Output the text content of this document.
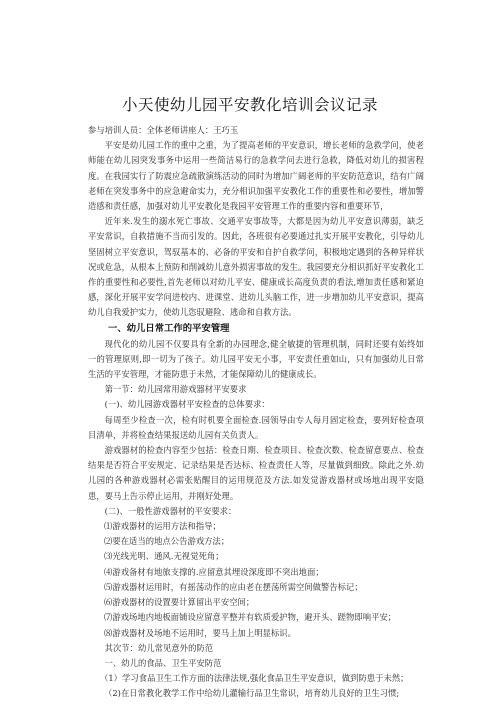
小天使幼儿园平安教化培训会议记录

参与培训人员：全体老师讲座人：王巧玉

平安是幼儿园工作的重中之重，为了提高老师的平安意识，增长老师的急救学问，使老师能在幼儿园突发事务中运用一些简洁易行的急救学问去进行急救，降低对幼儿的损害程度。在我园实行了防震应急疏散演练活动的同时为增加广阔老师的平安防范意识，结有广阔老师在突发事务中的应急避命实力，充分相识加强平安教化工作的重要性和必要性，增加警造感和责任感，加强对幼儿平安教化是我园平安管理工作的重要内容和重要环节，

近年来.发生的溺水死亡事故、交通平安事故等，大都是因为幼儿平安意识薄弱，缺乏平安常识，自救措施不当而引发的。因此，各班很有必要通过扎实开展平安教化，引导幼儿坚固树立平安意识，驾驭基本的、必备的平安和自护自救学问，积极地定遇到的各种异样状况或危急，从根本上预防和削减幼儿意外损害事故的发生。我园要充分相识抓好平安教化工作的重要性和必要性,首先老师以对幼儿平安、健康成长高度负责的看法,增加责任感和紧迫感，深化开展平安学问进校内、进课堂、进幼儿头脑工作，进一步增加幼儿平安意识，提高幼儿自我爱护实力，使幼儿恣驭避险、逃命和自救方法。

一、幼儿日常工作的平安管理

现代化的幼儿园不仅要具有全新的办园理念,健全敏捷的管理机制，同时还要有始终如一的管理原则,即一切为了孩子。幼儿园平安无小事，平安责任重如山，只有加强幼儿日常生活的平安管理，才能防患于未然，才能保障幼儿的健康成长。

第一节：幼儿园常用游戏器材平安要求

(一)、幼儿园游戏器材平安检查的总体要求：

每周至少检查一次，检有时机要全面检查.园领导由专人每月固定检查，要列好检查项目清单，并将检查结果报送幼儿园有关负责人。

游戏器材的检查内容至少包括：检查日期、检查项目、检查次数、检查留意要点、检查结果是否符合平安规定、记录结果是否达标、检查责任人等，尽量做到细致。除此之外.幼儿园的各种游戏器材必需张贴醒目的运用规范及方法.如发觉游戏器材或场地出现平安隐患，要马上告示停止运用，并刚好处理。

(二)、一般性游戏器材的平安要求：

⑴游戏器材的运用方法和指导；

⑵要在适当的地点公告游戏方法；

⑶光线光明、通风.无视觉死角；

⑷游戏备材有地旅支撑的.应留意其埋设深度即不突出地面；

⑸游戏器材运用时，有摇荡动作的应由老在摆荡所需空间做警告标记；

⑹游戏器材的设置要计算留出平安空间；

⑺游戏场地内地板面铺设应留意平整并有软质爱护物，避开头、蹉物即响平安；

⑻游戏器材及场地不运用时，要马上加上明显标识。

其次节：幼儿常见意外的防范

一、幼儿的食品、卫生平安防范

（1）学习食品卫生工作方面的法律法规,强化食品卫生平安意识，做到防患于未然；

（2)在日常教化教学工作中给幼儿灌输行品卫生常识，培育幼儿良好的卫生习惯;
